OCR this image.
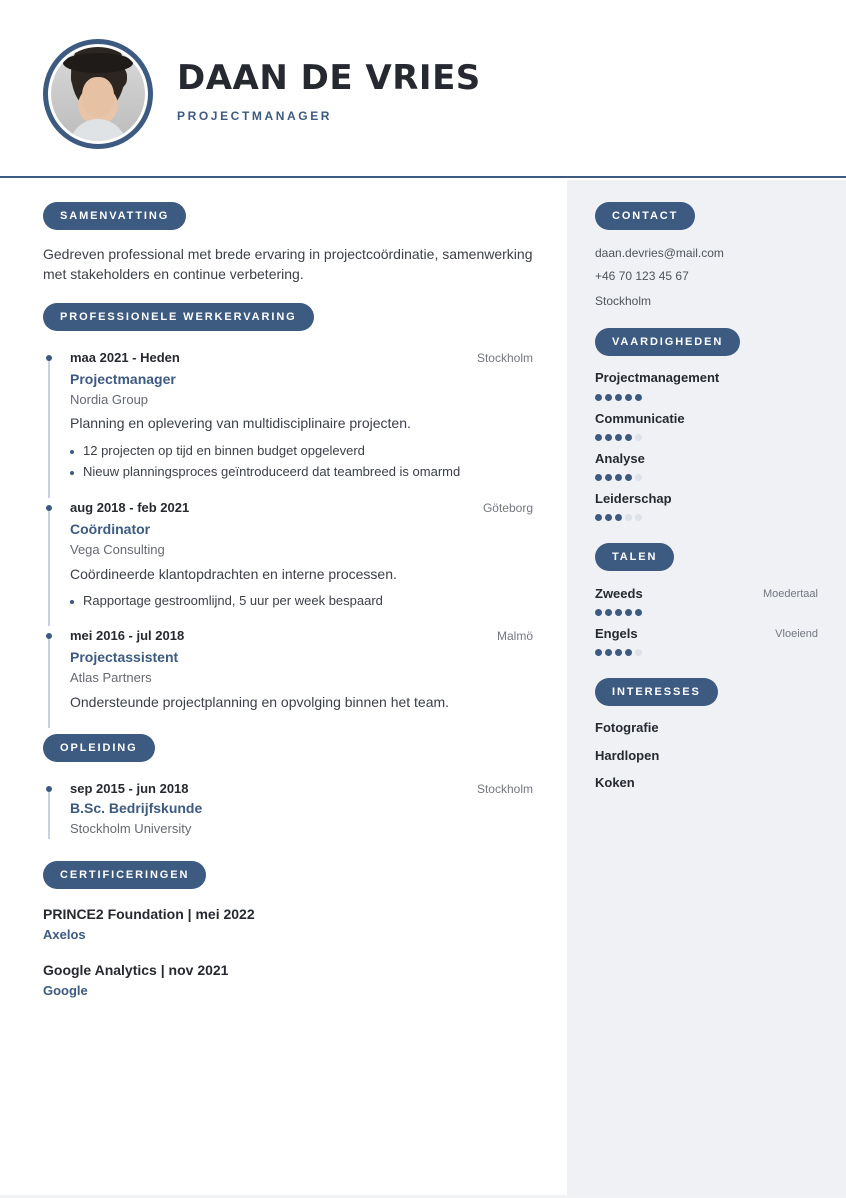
DAAN DE VRIES
PROJECTMANAGER
SAMENVATTING
Gedreven professional met brede ervaring in projectcoördinatie, samenwerking met stakeholders en continue verbetering.
PROFESSIONELE WERKERVARING
maa 2021 - Heden	Stockholm
Projectmanager
Nordia Group
Planning en oplevering van multidisciplinaire projecten.
12 projecten op tijd en binnen budget opgeleverd
Nieuw planningsproces geïntroduceerd dat teambreed is omarmd
aug 2018 - feb 2021	Göteborg
Coördinator
Vega Consulting
Coördineerde klantopdrachten en interne processen.
Rapportage gestroomlijnd, 5 uur per week bespaard
mei 2016 - jul 2018	Malmö
Projectassistent
Atlas Partners
Ondersteunde projectplanning en opvolging binnen het team.
OPLEIDING
sep 2015 - jun 2018	Stockholm
B.Sc. Bedrijfskunde
Stockholm University
CERTIFICERINGEN
PRINCE2 Foundation | mei 2022
Axelos
Google Analytics | nov 2021
Google
CONTACT
daan.devries@mail.com
+46 70 123 45 67
Stockholm
VAARDIGHEDEN
Projectmanagement
Communicatie
Analyse
Leiderschap
TALEN
Zweeds	Moedertaal
Engels	Vloeiend
INTERESSES
Fotografie
Hardlopen
Koken
